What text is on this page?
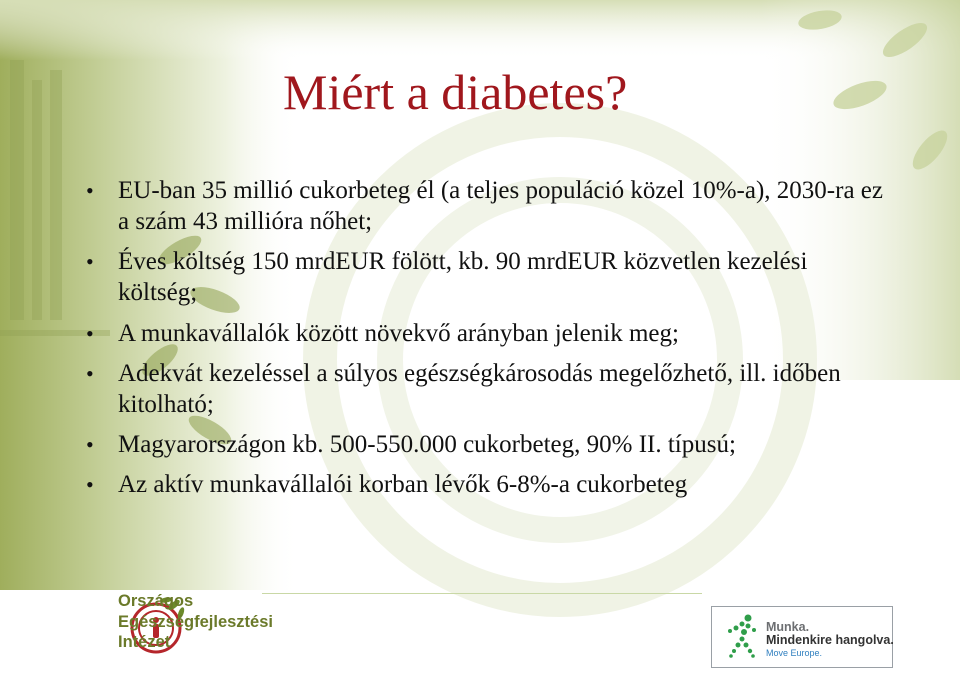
Miért a diabetes?
• EU-ban 35 millió cukorbeteg él (a teljes populáció közel 10%-a), 2030-ra ez a szám 43 millióra nőhet;
• Éves költség 150 mrdEUR fölött, kb. 90 mrdEUR közvetlen kezelési költség;
• A munkavállalók között növekvő arányban jelenik meg;
• Adekvát kezeléssel a súlyos egészségkárosodás megelőzhető, ill. időben kitolható;
• Magyarországon kb. 500-550.000 cukorbeteg, 90% II. típusú;
• Az aktív munkavállalói korban lévők 6-8%-a cukorbeteg
Országos
Egészségfejlesztési
Intézet
Munka.
Mindenkire hangolva.
Move Europe.
